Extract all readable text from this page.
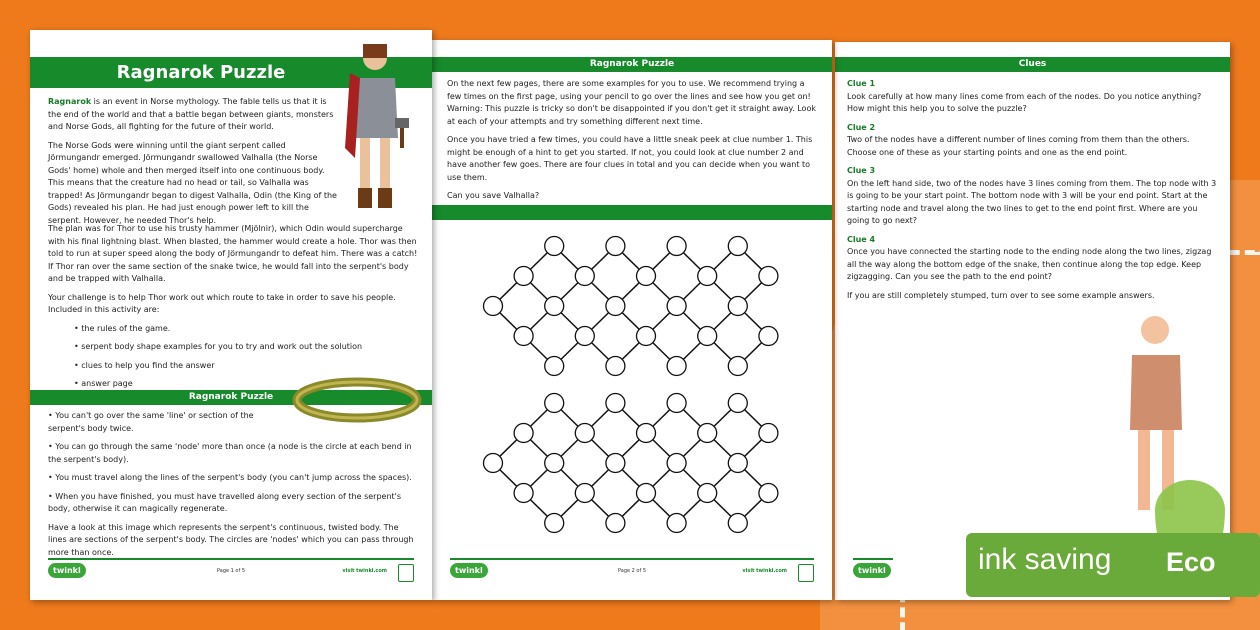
Ragnarok Puzzle

Ragnarok is an event in Norse mythology. The fable tells us that it is the end of the world and that a battle began between giants, monsters and Norse Gods, all fighting for the future of their world.

The Norse Gods were winning until the giant serpent called Jörmungandr emerged. Jörmungandr swallowed Valhalla (the Norse Gods' home) whole and then merged itself into one continuous body. This means that the creature had no head or tail, so Valhalla was trapped! As Jörmungandr began to digest Valhalla, Odin (the King of the Gods) revealed his plan. He had just enough power left to kill the serpent. However, he needed Thor's help.

The plan was for Thor to use his trusty hammer (Mjölnir), which Odin would supercharge with his final lightning blast. When blasted, the hammer would create a hole. Thor was then told to run at super speed along the body of Jörmungandr to defeat him. There was a catch! If Thor ran over the same section of the snake twice, he would fall into the serpent's body and be trapped with Valhalla.

Your challenge is to help Thor work out which route to take in order to save his people. Included in this activity are:

• the rules of the game.
• serpent body shape examples for you to try and work out the solution
• clues to help you find the answer
• answer page
Ragnarok Puzzle
• You can't go over the same 'line' or section of the serpent's body twice.
• You can go through the same 'node' more than once (a node is the circle at each bend in the serpent's body).
• You must travel along the lines of the serpent's body (you can't jump across the spaces).
• When you have finished, you must have travelled along every section of the serpent's body, otherwise it can magically regenerate.

Have a look at this image which represents the serpent's continuous, twisted body. The lines are sections of the serpent's body. The circles are 'nodes' which you can pass through more than once.

twinkl	Page 1 of 5	visit twinkl.com
Ragnarok Puzzle

On the next few pages, there are some examples for you to use. We recommend trying a few times on the first page, using your pencil to go over the lines and see how you get on! Warning: This puzzle is tricky so don't be disappointed if you don't get it straight away. Look at each of your attempts and try something different next time.

Once you have tried a few times, you could have a little sneak peek at clue number 1. This might be enough of a hint to get you started. If not, you could look at clue number 2 and have another few goes. There are four clues in total and you can decide when you want to use them.

Can you save Valhalla?

twinkl	Page 2 of 5	visit twinkl.com
Clues
Clue 1

Look carefully at how many lines come from each of the nodes. Do you notice anything? How might this help you to solve the puzzle?

Clue 2

Two of the nodes have a different number of lines coming from them than the others. Choose one of these as your starting points and one as the end point.

Clue 3

On the left hand side, two of the nodes have 3 lines coming from them. The top node with 3 is going to be your start point. The bottom node with 3 will be your end point. Start at the starting node and travel along the two lines to get to the end point first. Where are you going to go next?

Clue 4

Once you have connected the starting node to the ending node along the two lines, zigzag all the way along the bottom edge of the snake, then continue along the top edge. Keep zigzagging. Can you see the path to the end point?

If you are still completely stumped, turn over to see some example answers.

twinkl	ink saving Eco
